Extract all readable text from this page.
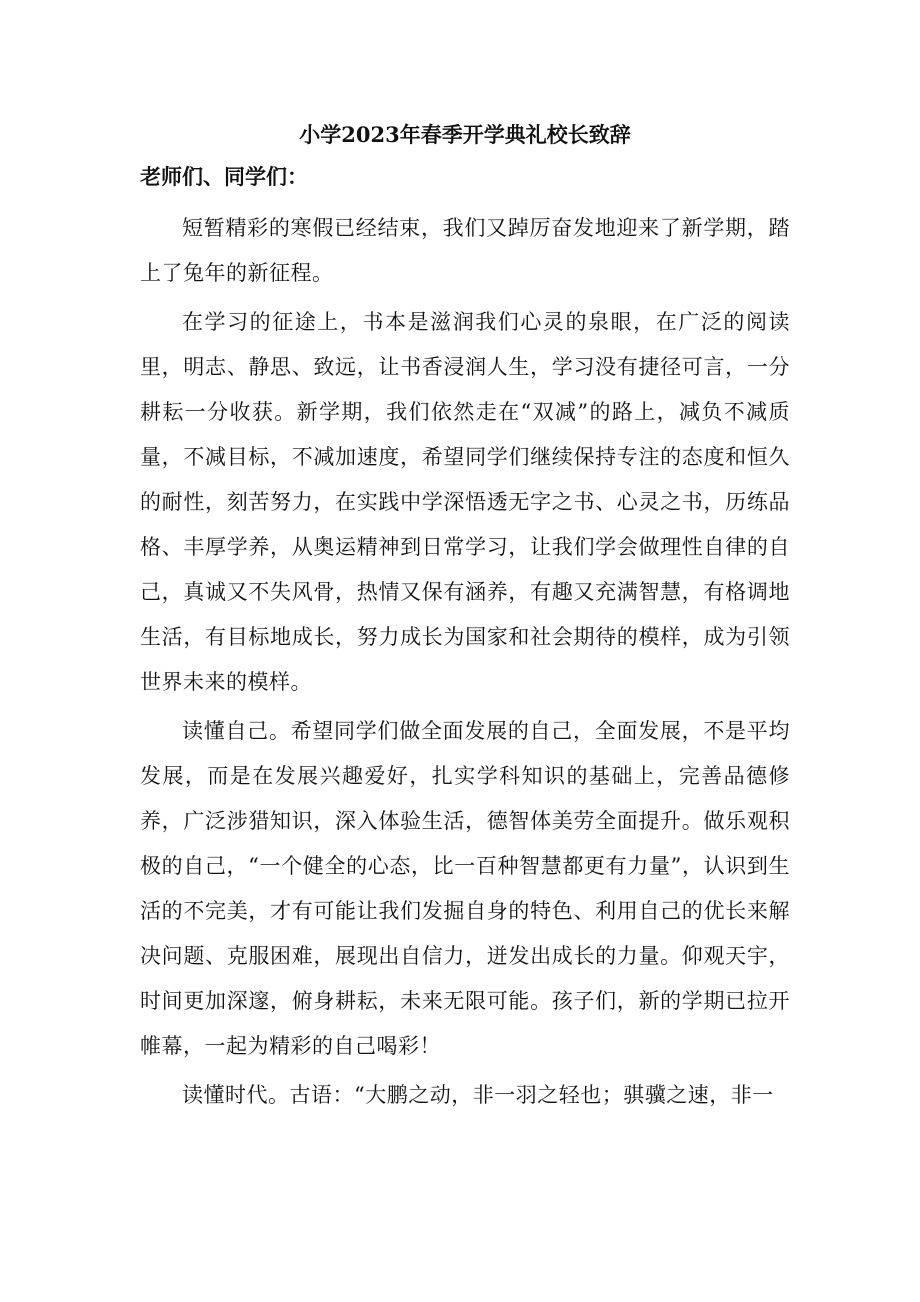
小学2023年春季开学典礼校长致辞
老师们、同学们：

短暂精彩的寒假已经结束，我们又踔厉奋发地迎来了新学期，踏上了兔年的新征程。

在学习的征途上，书本是滋润我们心灵的泉眼，在广泛的阅读里，明志、静思、致远，让书香浸润人生，学习没有捷径可言，一分耕耘一分收获。新学期，我们依然走在“双减”的路上，减负不减质量，不减目标，不减加速度，希望同学们继续保持专注的态度和恒久的耐性，刻苦努力，在实践中学深悟透无字之书、心灵之书，历练品格、丰厚学养，从奥运精神到日常学习，让我们学会做理性自律的自己，真诚又不失风骨，热情又保有涵养，有趣又充满智慧，有格调地生活，有目标地成长，努力成长为国家和社会期待的模样，成为引领世界未来的模样。

读懂自己。希望同学们做全面发展的自己，全面发展，不是平均发展，而是在发展兴趣爱好，扎实学科知识的基础上，完善品德修养，广泛涉猎知识，深入体验生活，德智体美劳全面提升。做乐观积极的自己，“一个健全的心态，比一百种智慧都更有力量”，认识到生活的不完美，才有可能让我们发掘自身的特色、利用自己的优长来解决问题、克服困难，展现出自信力，迸发出成长的力量。仰观天宇，时间更加深邃，俯身耕耘，未来无限可能。孩子们，新的学期已拉开帷幕，一起为精彩的自己喝彩！

读懂时代。古语：“大鹏之动，非一羽之轻也；骐骥之速，非一
